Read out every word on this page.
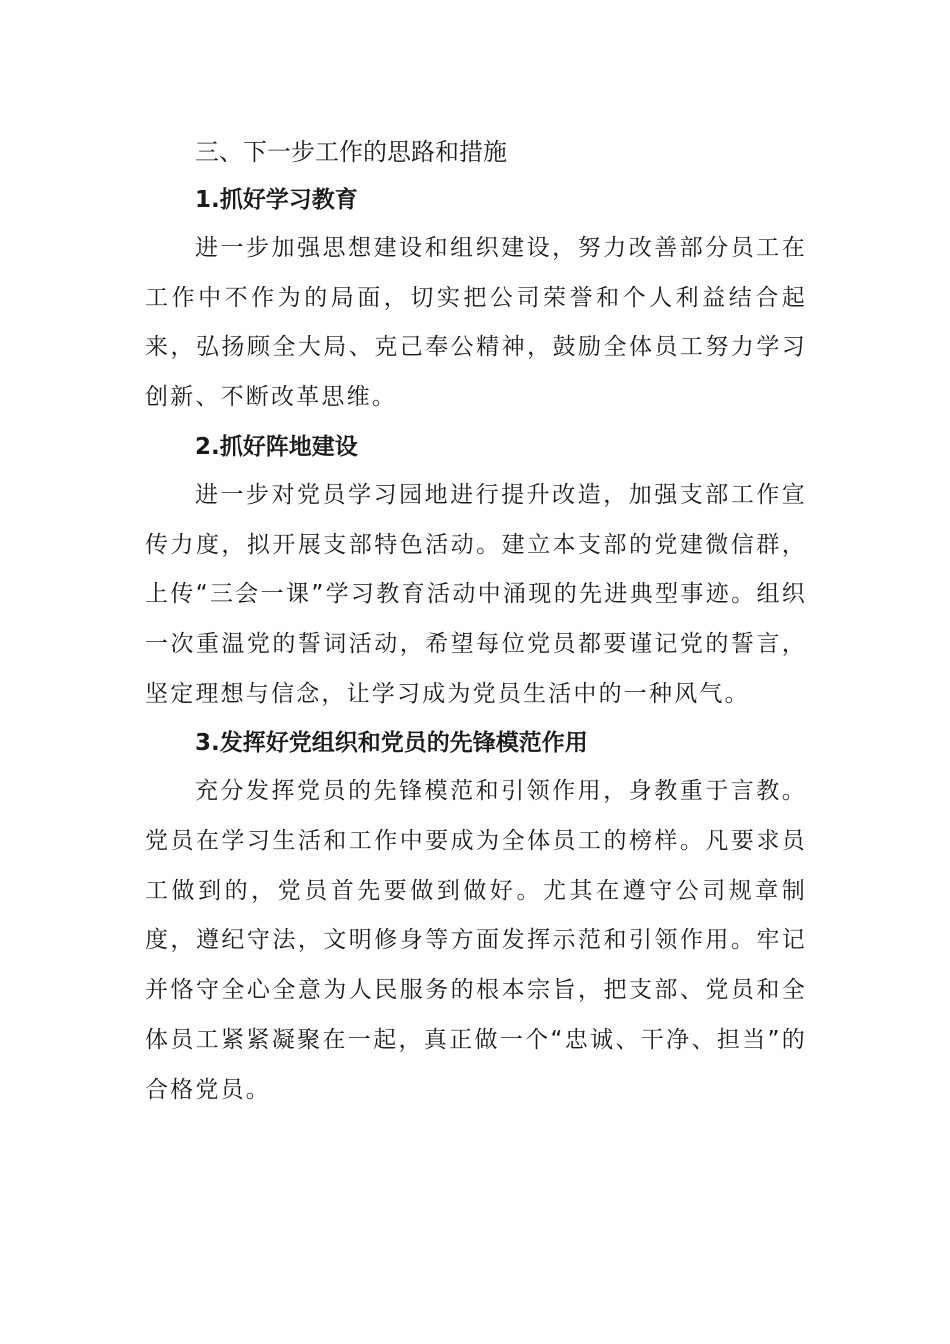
三、下一步工作的思路和措施
1.抓好学习教育

进一步加强思想建设和组织建设，努力改善部分员工在工作中不作为的局面，切实把公司荣誉和个人利益结合起来，弘扬顾全大局、克己奉公精神，鼓励全体员工努力学习创新、不断改革思维。

2.抓好阵地建设

进一步对党员学习园地进行提升改造，加强支部工作宣传力度，拟开展支部特色活动。建立本支部的党建微信群，上传“三会一课”学习教育活动中涌现的先进典型事迹。组织一次重温党的誓词活动，希望每位党员都要谨记党的誓言，坚定理想与信念，让学习成为党员生活中的一种风气。

3.发挥好党组织和党员的先锋模范作用

充分发挥党员的先锋模范和引领作用，身教重于言教。党员在学习生活和工作中要成为全体员工的榜样。凡要求员工做到的，党员首先要做到做好。尤其在遵守公司规章制度，遵纪守法，文明修身等方面发挥示范和引领作用。牢记并恪守全心全意为人民服务的根本宗旨，把支部、党员和全体员工紧紧凝聚在一起，真正做一个“忠诚、干净、担当”的合格党员。
